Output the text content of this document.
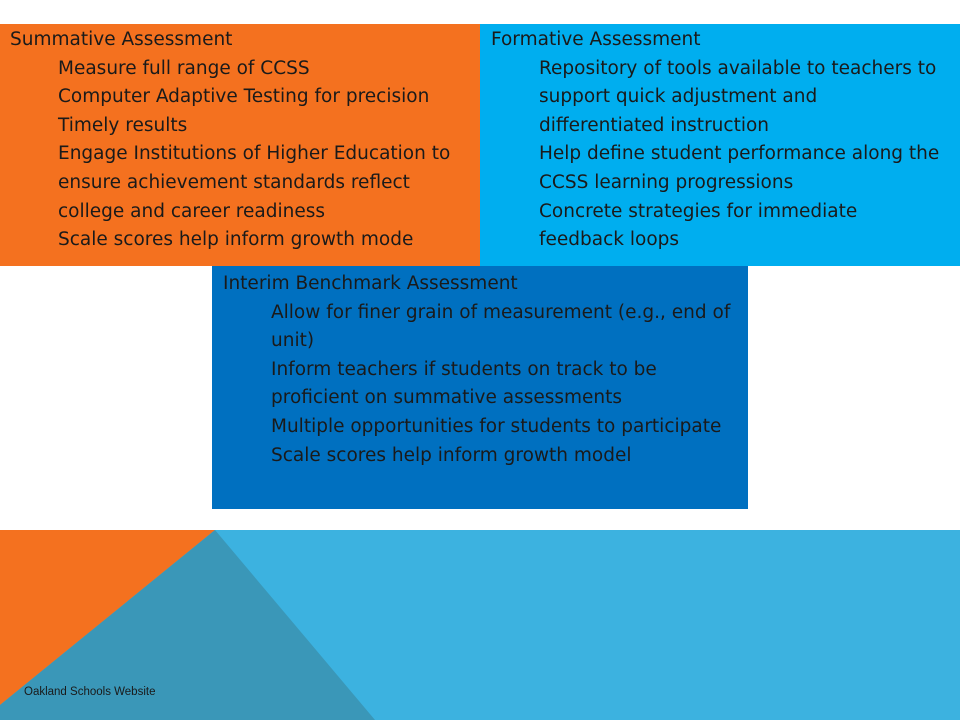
Summative Assessment

Measure full range of CCSS
Computer Adaptive Testing for precision
Timely results
Engage Institutions of Higher Education to ensure achievement standards reflect college and career readiness
Scale scores help inform growth mode

Formative Assessment

Repository of tools available to teachers to support quick adjustment and differentiated instruction
Help define student performance along the CCSS learning progressions
Concrete strategies for immediate feedback loops

Interim Benchmark Assessment

Allow for finer grain of measurement (e.g., end of unit)
Inform teachers if students on track to be proficient on summative assessments
Multiple opportunities for students to participate
Scale scores help inform growth model
Oakland Schools Website
